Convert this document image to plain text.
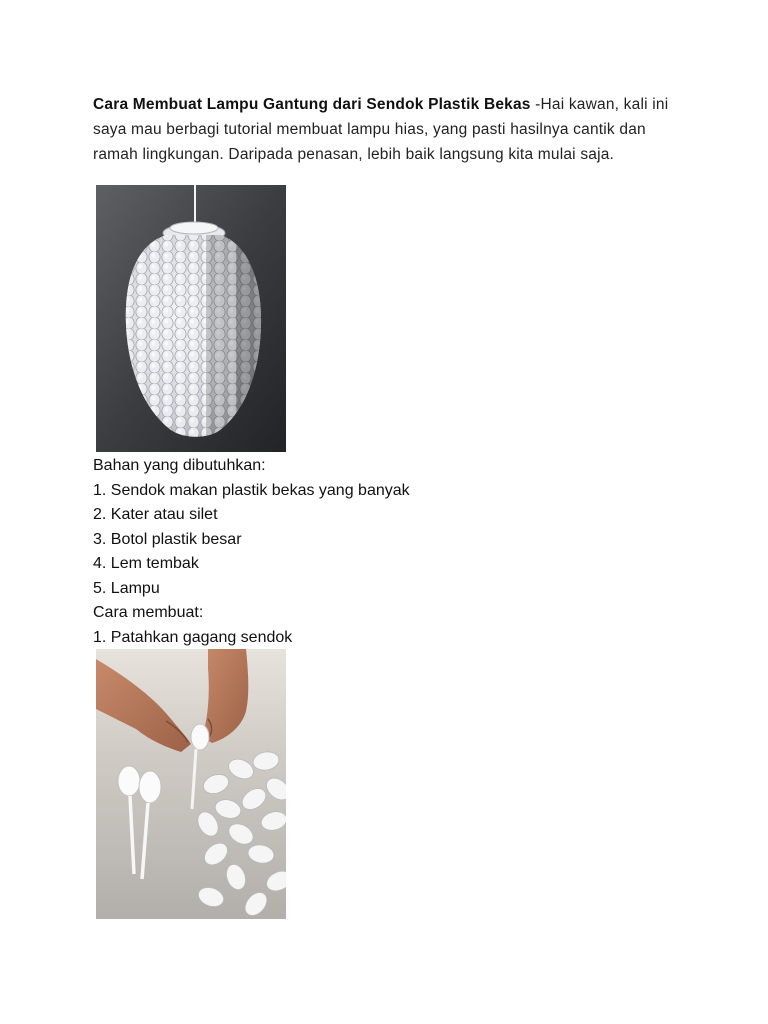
Cara Membuat Lampu Gantung dari Sendok Plastik Bekas -Hai kawan, kali ini saya mau berbagi tutorial membuat lampu hias, yang pasti hasilnya cantik dan ramah lingkungan. Daripada penasan, lebih baik langsung kita mulai saja.

Bahan yang dibutuhkan:
1. Sendok makan plastik bekas yang banyak
2. Kater atau silet
3. Botol plastik besar
4. Lem tembak
5. Lampu
Cara membuat:
1. Patahkan gagang sendok
